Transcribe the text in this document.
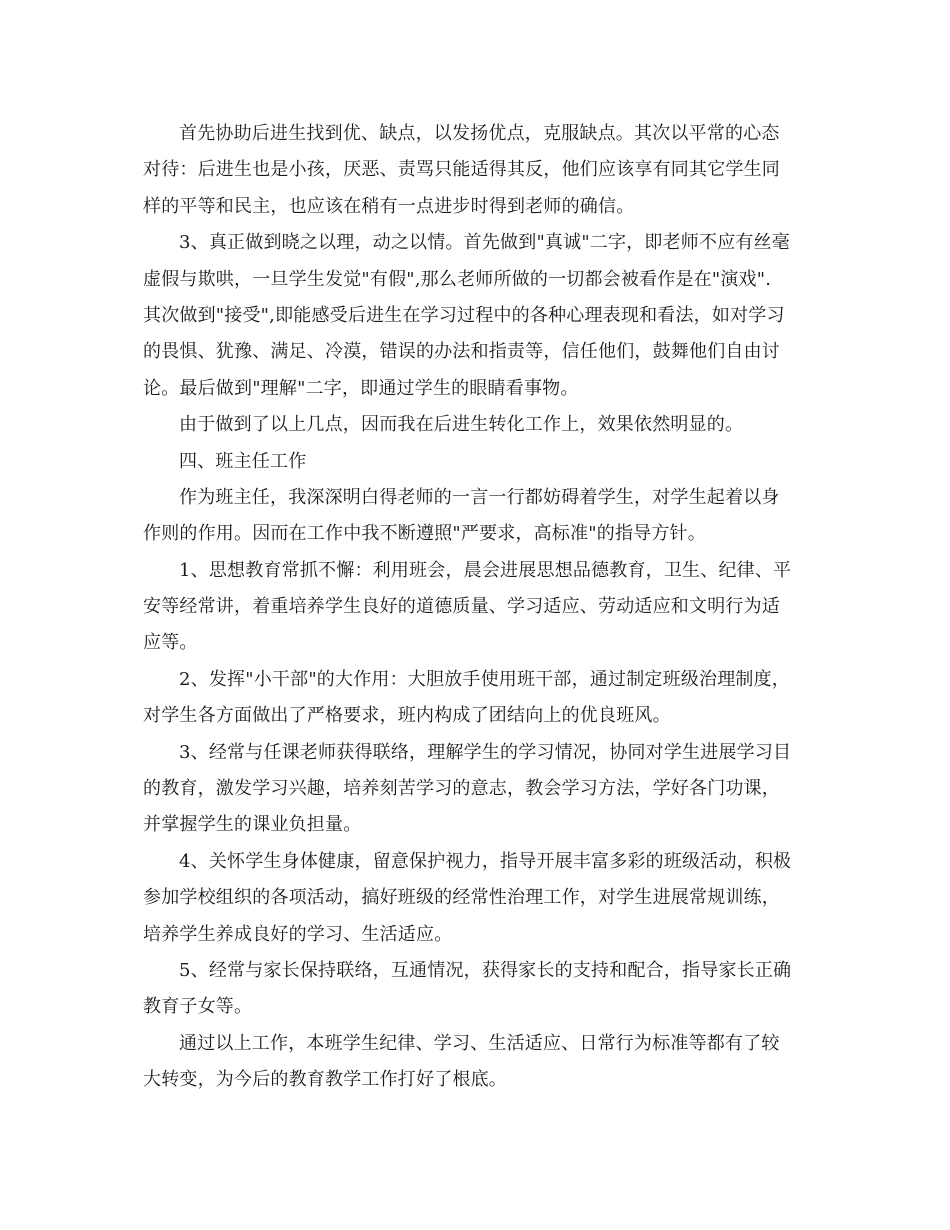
首先协助后进生找到优、缺点，以发扬优点，克服缺点。其次以平常的心态
对待：后进生也是小孩，厌恶、责骂只能适得其反，他们应该享有同其它学生同
样的平等和民主，也应该在稍有一点进步时得到老师的确信。
3、真正做到晓之以理，动之以情。首先做到"真诚"二字，即老师不应有丝毫
虚假与欺哄，一旦学生发觉"有假",那么老师所做的一切都会被看作是在"演戏".
其次做到"接受",即能感受后进生在学习过程中的各种心理表现和看法，如对学习
的畏惧、犹豫、满足、冷漠，错误的办法和指责等，信任他们，鼓舞他们自由讨
论。最后做到"理解"二字，即通过学生的眼睛看事物。
由于做到了以上几点，因而我在后进生转化工作上，效果依然明显的。
四、班主任工作
作为班主任，我深深明白得老师的一言一行都妨碍着学生，对学生起着以身
作则的作用。因而在工作中我不断遵照"严要求，高标准"的指导方针。
1、思想教育常抓不懈：利用班会，晨会进展思想品德教育，卫生、纪律、平
安等经常讲，着重培养学生良好的道德质量、学习适应、劳动适应和文明行为适
应等。
2、发挥"小干部"的大作用：大胆放手使用班干部，通过制定班级治理制度，
对学生各方面做出了严格要求，班内构成了团结向上的优良班风。
3、经常与任课老师获得联络，理解学生的学习情况，协同对学生进展学习目
的教育，激发学习兴趣，培养刻苦学习的意志，教会学习方法，学好各门功课，
并掌握学生的课业负担量。
4、关怀学生身体健康，留意保护视力，指导开展丰富多彩的班级活动，积极
参加学校组织的各项活动，搞好班级的经常性治理工作，对学生进展常规训练，
培养学生养成良好的学习、生活适应。
5、经常与家长保持联络，互通情况，获得家长的支持和配合，指导家长正确
教育子女等。
通过以上工作，本班学生纪律、学习、生活适应、日常行为标准等都有了较
大转变，为今后的教育教学工作打好了根底。
